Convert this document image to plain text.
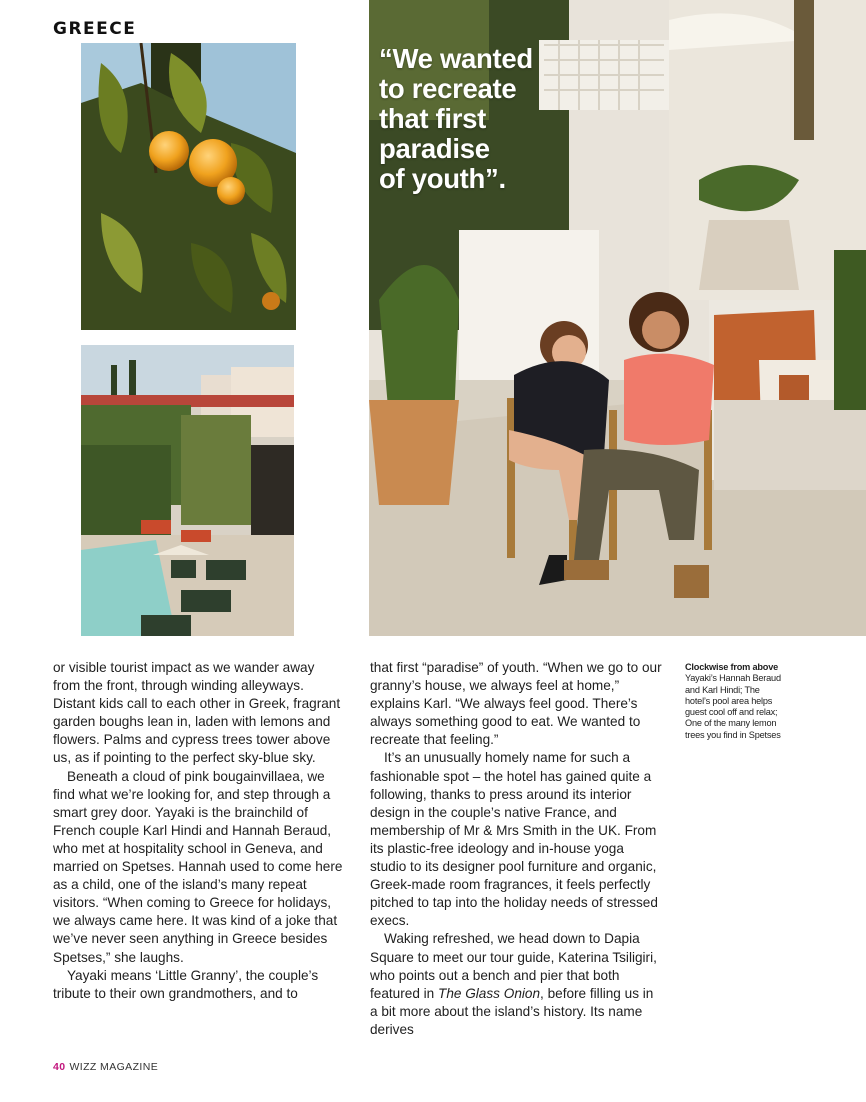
GREECE
“We wanted
to recreate
that first
paradise
of youth”.

or visible tourist impact as we wander away from the front, through winding alleyways. Distant kids call to each other in Greek, fragrant garden boughs lean in, laden with lemons and flowers. Palms and cypress trees tower above us, as if pointing to the perfect sky-blue sky.

Beneath a cloud of pink bougainvillaea, we find what we’re looking for, and step through a smart grey door. Yayaki is the brainchild of French couple Karl Hindi and Hannah Beraud, who met at hospitality school in Geneva, and married on Spetses. Hannah used to come here as a child, one of the island’s many repeat visitors. “When coming to Greece for holidays, we always came here. It was kind of a joke that we’ve never seen anything in Greece besides Spetses,” she laughs.

Yayaki means ‘Little Granny’, the couple’s tribute to their own grandmothers, and to

that first “paradise” of youth. “When we go to our granny’s house, we always feel at home,” explains Karl. “We always feel good. There’s always something good to eat. We wanted to recreate that feeling.”

It’s an unusually homely name for such a fashionable spot – the hotel has gained quite a following, thanks to press around its interior design in the couple’s native France, and membership of Mr & Mrs Smith in the UK. From its plastic-free ideology and in-house yoga studio to its designer pool furniture and organic, Greek-made room fragrances, it feels perfectly pitched to tap into the holiday needs of stressed execs.

Waking refreshed, we head down to Dapia Square to meet our tour guide, Katerina Tsiligiri, who points out a bench and pier that both featured in The Glass Onion, before filling us in a bit more about the island’s history. Its name derives

Clockwise from above
Yayaki’s Hannah Beraud and Karl Hindi; The hotel’s pool area helps guest cool off and relax; One of the many lemon trees you find in Spetses
40 WIZZ MAGAZINE
